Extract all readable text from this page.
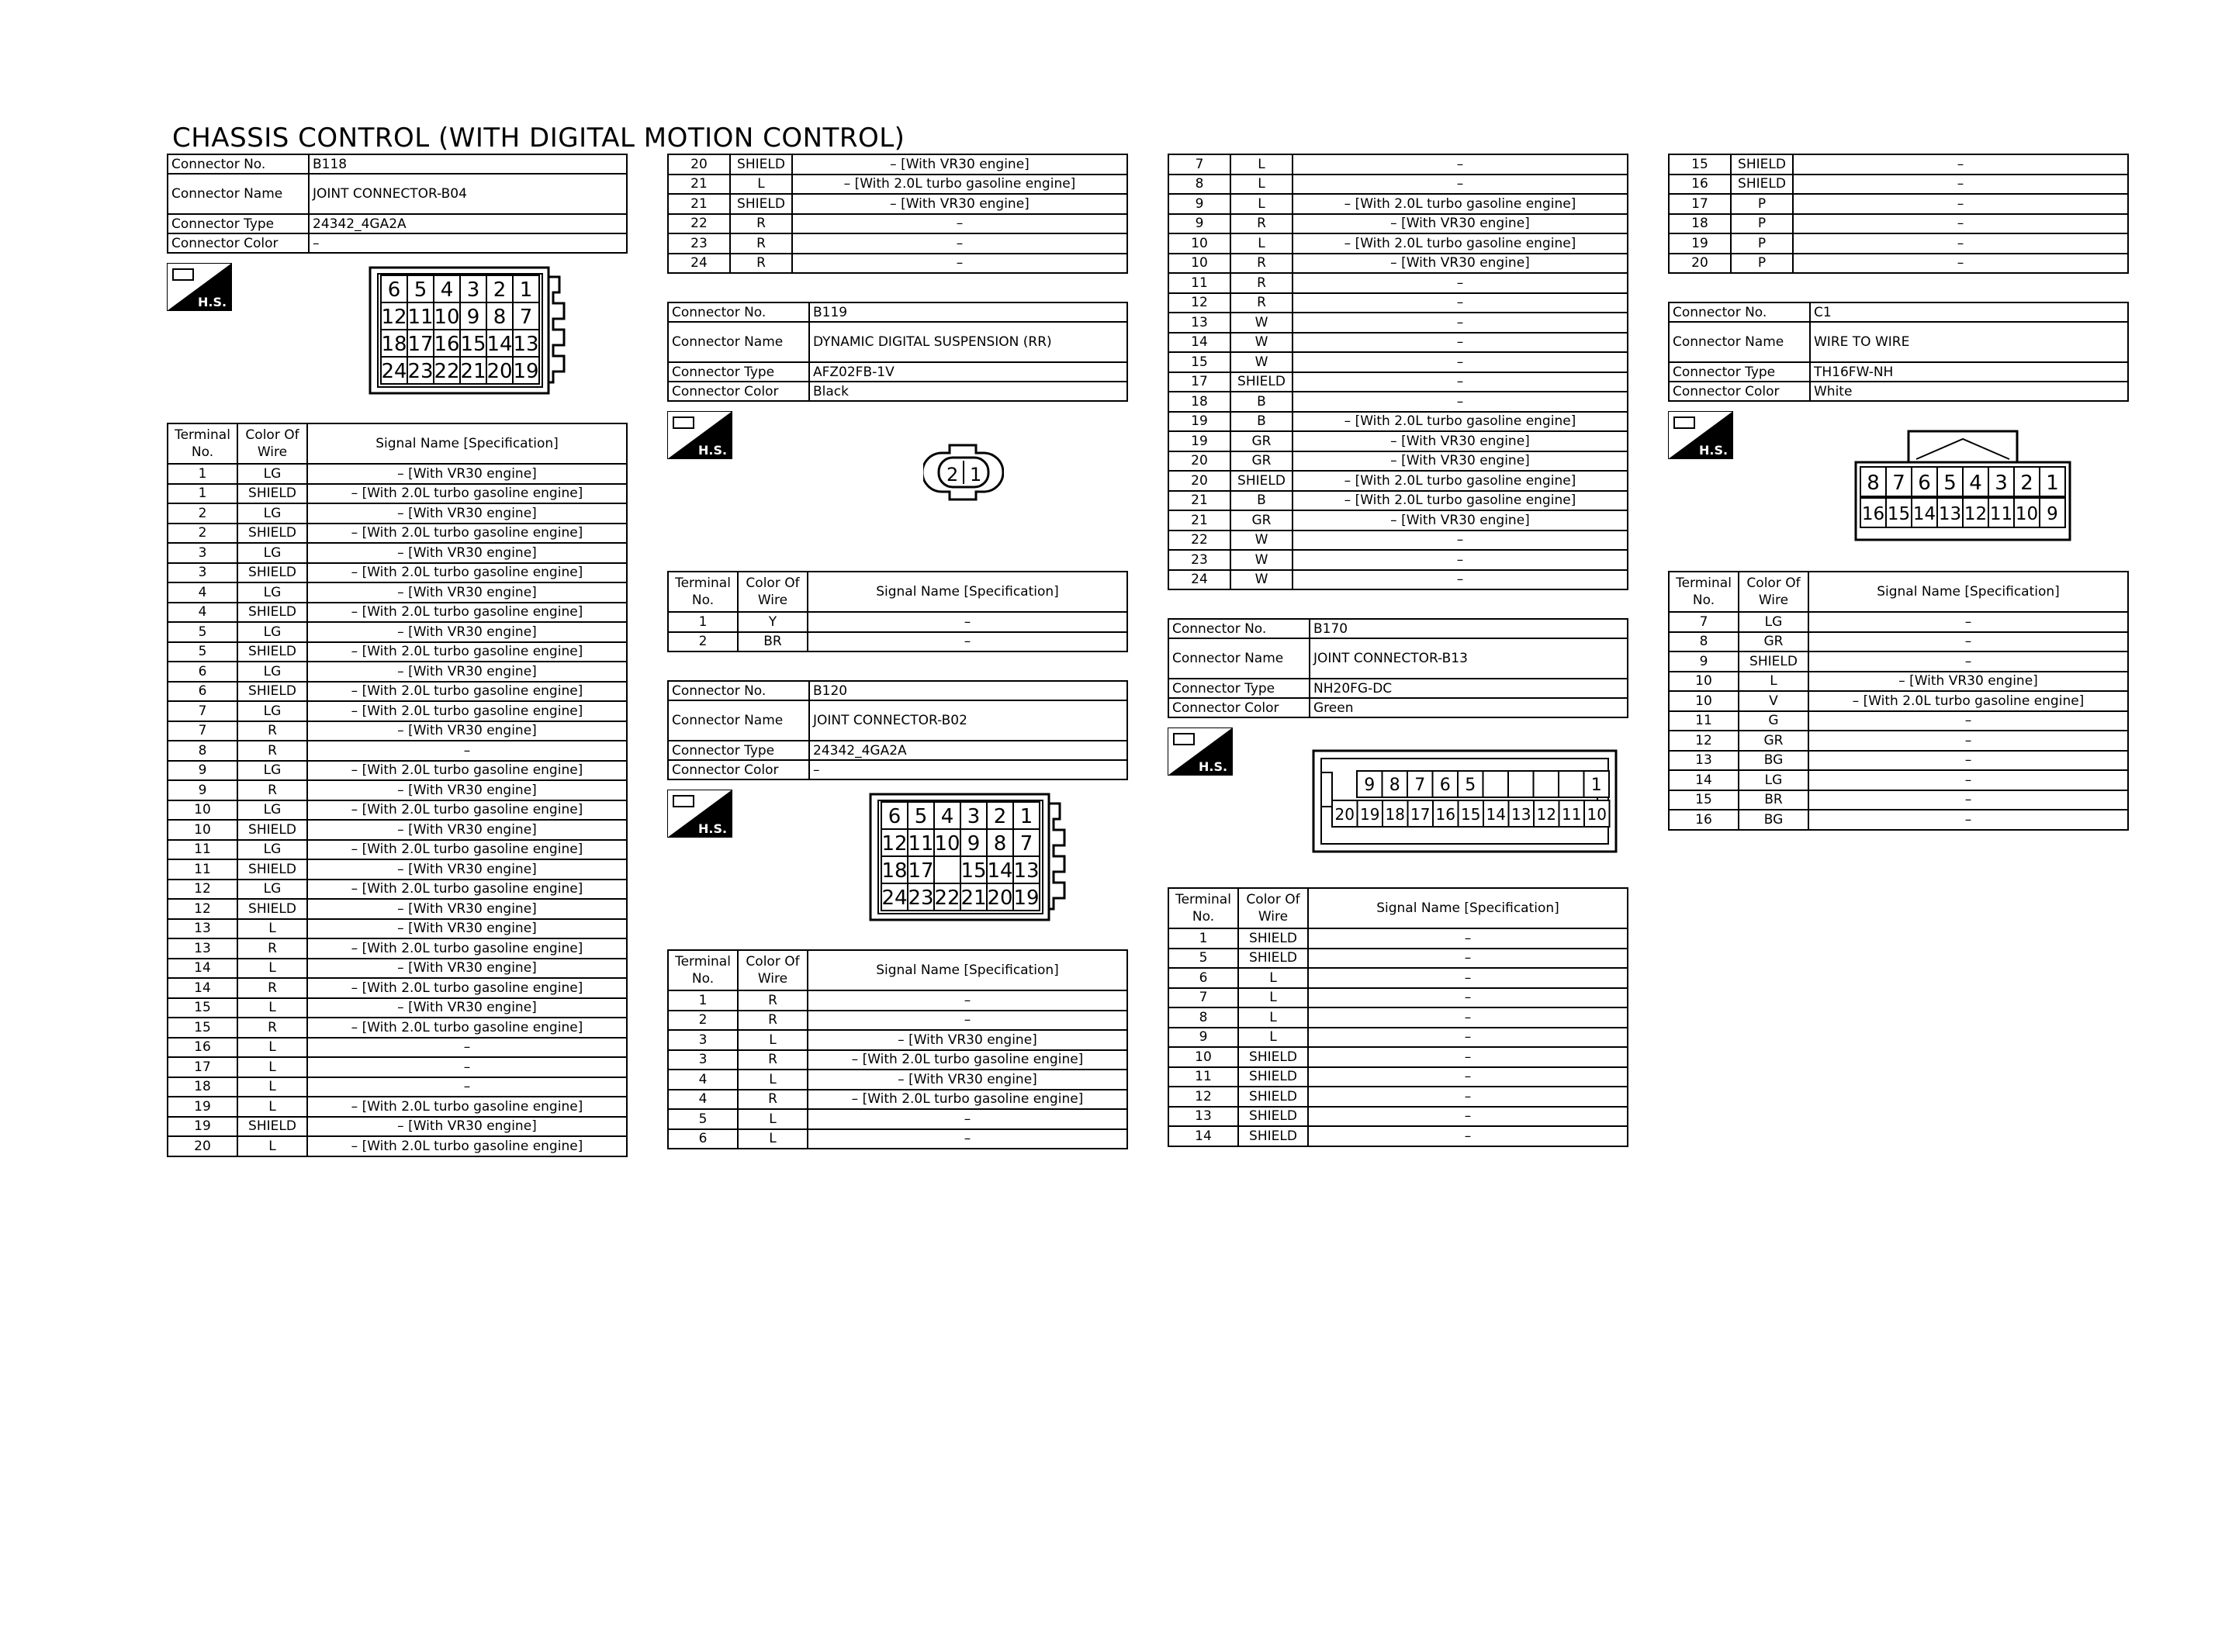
CHASSIS CONTROL (WITH DIGITAL MOTION CONTROL)
Connector No.	B118
Connector Name	JOINT CONNECTOR-B04
Connector Type	24342_4GA2A
Connector Color	–
H.S.
6 5 4 3 2 1
12 11 10 9 8 7
18 17 16 15 14 13
24 23 22 21 20 19
Terminal No.	Color Of Wire	Signal Name [Specification]
1	LG	– [With VR30 engine]
1	SHIELD	– [With 2.0L turbo gasoline engine]
2	LG	– [With VR30 engine]
2	SHIELD	– [With 2.0L turbo gasoline engine]
3	LG	– [With VR30 engine]
3	SHIELD	– [With 2.0L turbo gasoline engine]
4	LG	– [With VR30 engine]
4	SHIELD	– [With 2.0L turbo gasoline engine]
5	LG	– [With VR30 engine]
5	SHIELD	– [With 2.0L turbo gasoline engine]
6	LG	– [With VR30 engine]
6	SHIELD	– [With 2.0L turbo gasoline engine]
7	LG	– [With 2.0L turbo gasoline engine]
7	R	– [With VR30 engine]
8	R	–
9	LG	– [With 2.0L turbo gasoline engine]
9	R	– [With VR30 engine]
10	LG	– [With 2.0L turbo gasoline engine]
10	SHIELD	– [With VR30 engine]
11	LG	– [With 2.0L turbo gasoline engine]
11	SHIELD	– [With VR30 engine]
12	LG	– [With 2.0L turbo gasoline engine]
12	SHIELD	– [With VR30 engine]
13	L	– [With VR30 engine]
13	R	– [With 2.0L turbo gasoline engine]
14	L	– [With VR30 engine]
14	R	– [With 2.0L turbo gasoline engine]
15	L	– [With VR30 engine]
15	R	– [With 2.0L turbo gasoline engine]
16	L	–
17	L	–
18	L	–
19	L	– [With 2.0L turbo gasoline engine]
19	SHIELD	– [With VR30 engine]
20	L	– [With 2.0L turbo gasoline engine]
20	SHIELD	– [With VR30 engine]
21	L	– [With 2.0L turbo gasoline engine]
21	SHIELD	– [With VR30 engine]
22	R	–
23	R	–
24	R	–
Connector No.	B119
Connector Name	DYNAMIC DIGITAL SUSPENSION (RR)
Connector Type	AFZ02FB-1V
Connector Color	Black
H.S.
2 1
Terminal No.	Color Of Wire	Signal Name [Specification]
1	Y	–
2	BR	–
Connector No.	B120
Connector Name	JOINT CONNECTOR-B02
Connector Type	24342_4GA2A
Connector Color	–
H.S.
6 5 4 3 2 1
12 11 10 9 8 7
18 17 15 14 13
24 23 22 21 20 19
Terminal No.	Color Of Wire	Signal Name [Specification]
1	R	–
2	R	–
3	L	– [With VR30 engine]
3	R	– [With 2.0L turbo gasoline engine]
4	L	– [With VR30 engine]
4	R	– [With 2.0L turbo gasoline engine]
5	L	–
6	L	–
7	L	–
8	L	–
9	L	– [With 2.0L turbo gasoline engine]
9	R	– [With VR30 engine]
10	L	– [With 2.0L turbo gasoline engine]
10	R	– [With VR30 engine]
11	R	–
12	R	–
13	W	–
14	W	–
15	W	–
17	SHIELD	–
18	B	–
19	B	– [With 2.0L turbo gasoline engine]
19	GR	– [With VR30 engine]
20	GR	– [With VR30 engine]
20	SHIELD	– [With 2.0L turbo gasoline engine]
21	B	– [With 2.0L turbo gasoline engine]
21	GR	– [With VR30 engine]
22	W	–
23	W	–
24	W	–
Connector No.	B170
Connector Name	JOINT CONNECTOR-B13
Connector Type	NH20FG-DC
Connector Color	Green
H.S.
9 8 7 6 5	1
20 19 18 17 16 15 14 13 12 11 10
Terminal No.	Color Of Wire	Signal Name [Specification]
1	SHIELD	–
5	SHIELD	–
6	L	–
7	L	–
8	L	–
9	L	–
10	SHIELD	–
11	SHIELD	–
12	SHIELD	–
13	SHIELD	–
14	SHIELD	–
15	SHIELD	–
16	SHIELD	–
17	P	–
18	P	–
19	P	–
20	P	–
Connector No.	C1
Connector Name	WIRE TO WIRE
Connector Type	TH16FW-NH
Connector Color	White
H.S.
8 7 6 5 4 3 2 1
16 15 14 13 12 11 10 9
Terminal No.	Color Of Wire	Signal Name [Specification]
7	LG	–
8	GR	–
9	SHIELD	–
10	L	– [With VR30 engine]
10	V	– [With 2.0L turbo gasoline engine]
11	G	–
12	GR	–
13	BG	–
14	LG	–
15	BR	–
16	BG	–
